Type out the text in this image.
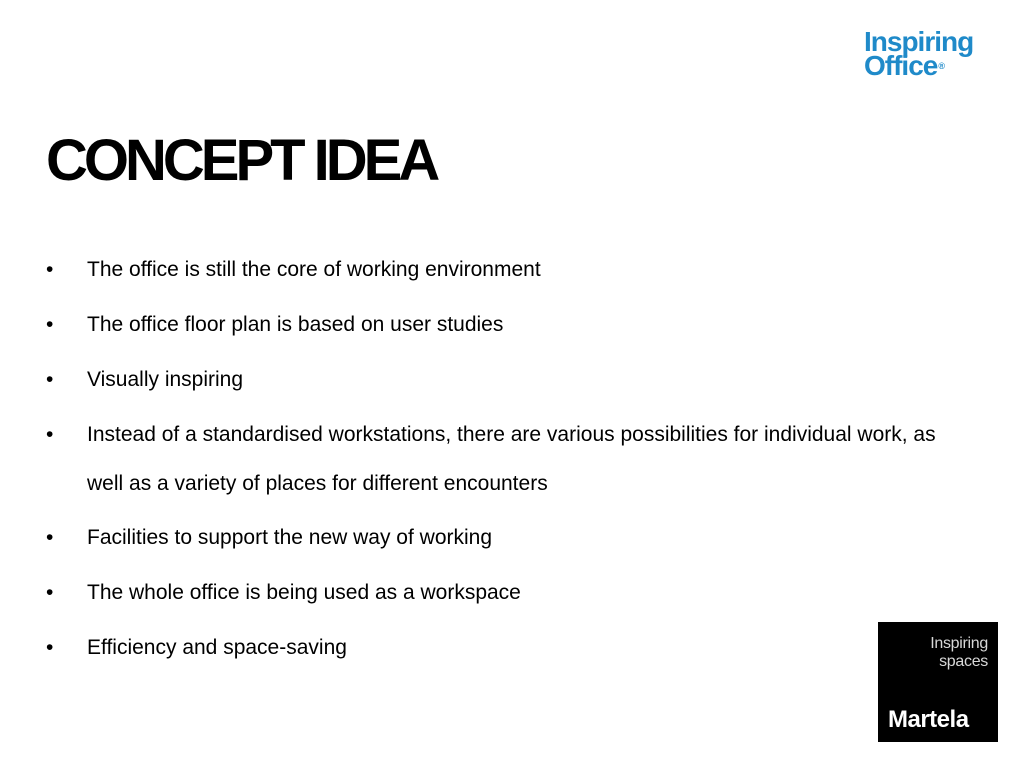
Inspiring
Office®
CONCEPT IDEA
•	The office is still the core of working environment
•	The office floor plan is based on user studies
•	Visually inspiring
•	Instead of a standardised workstations, there are various possibilities for individual work, as well as a variety of places for different encounters
•	Facilities to support the new way of working
•	The whole office is being used as a workspace
•	Efficiency and space-saving	Inspiring
spaces
Martela
